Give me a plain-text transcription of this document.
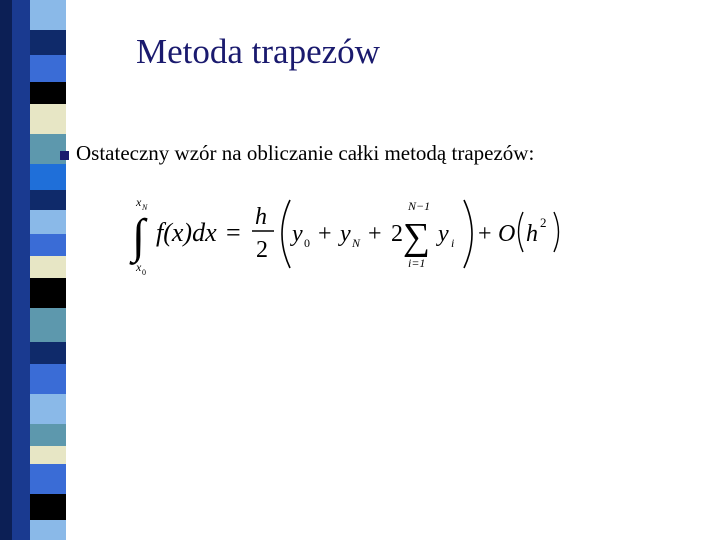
Metoda trapezów
Ostateczny wzór na obliczanie całki metodą trapezów:
∫
x N
x 0
f(x)dx =
h
2
y 0 + y N + 2 ∑
N−1
i=1
y i + O h 2
